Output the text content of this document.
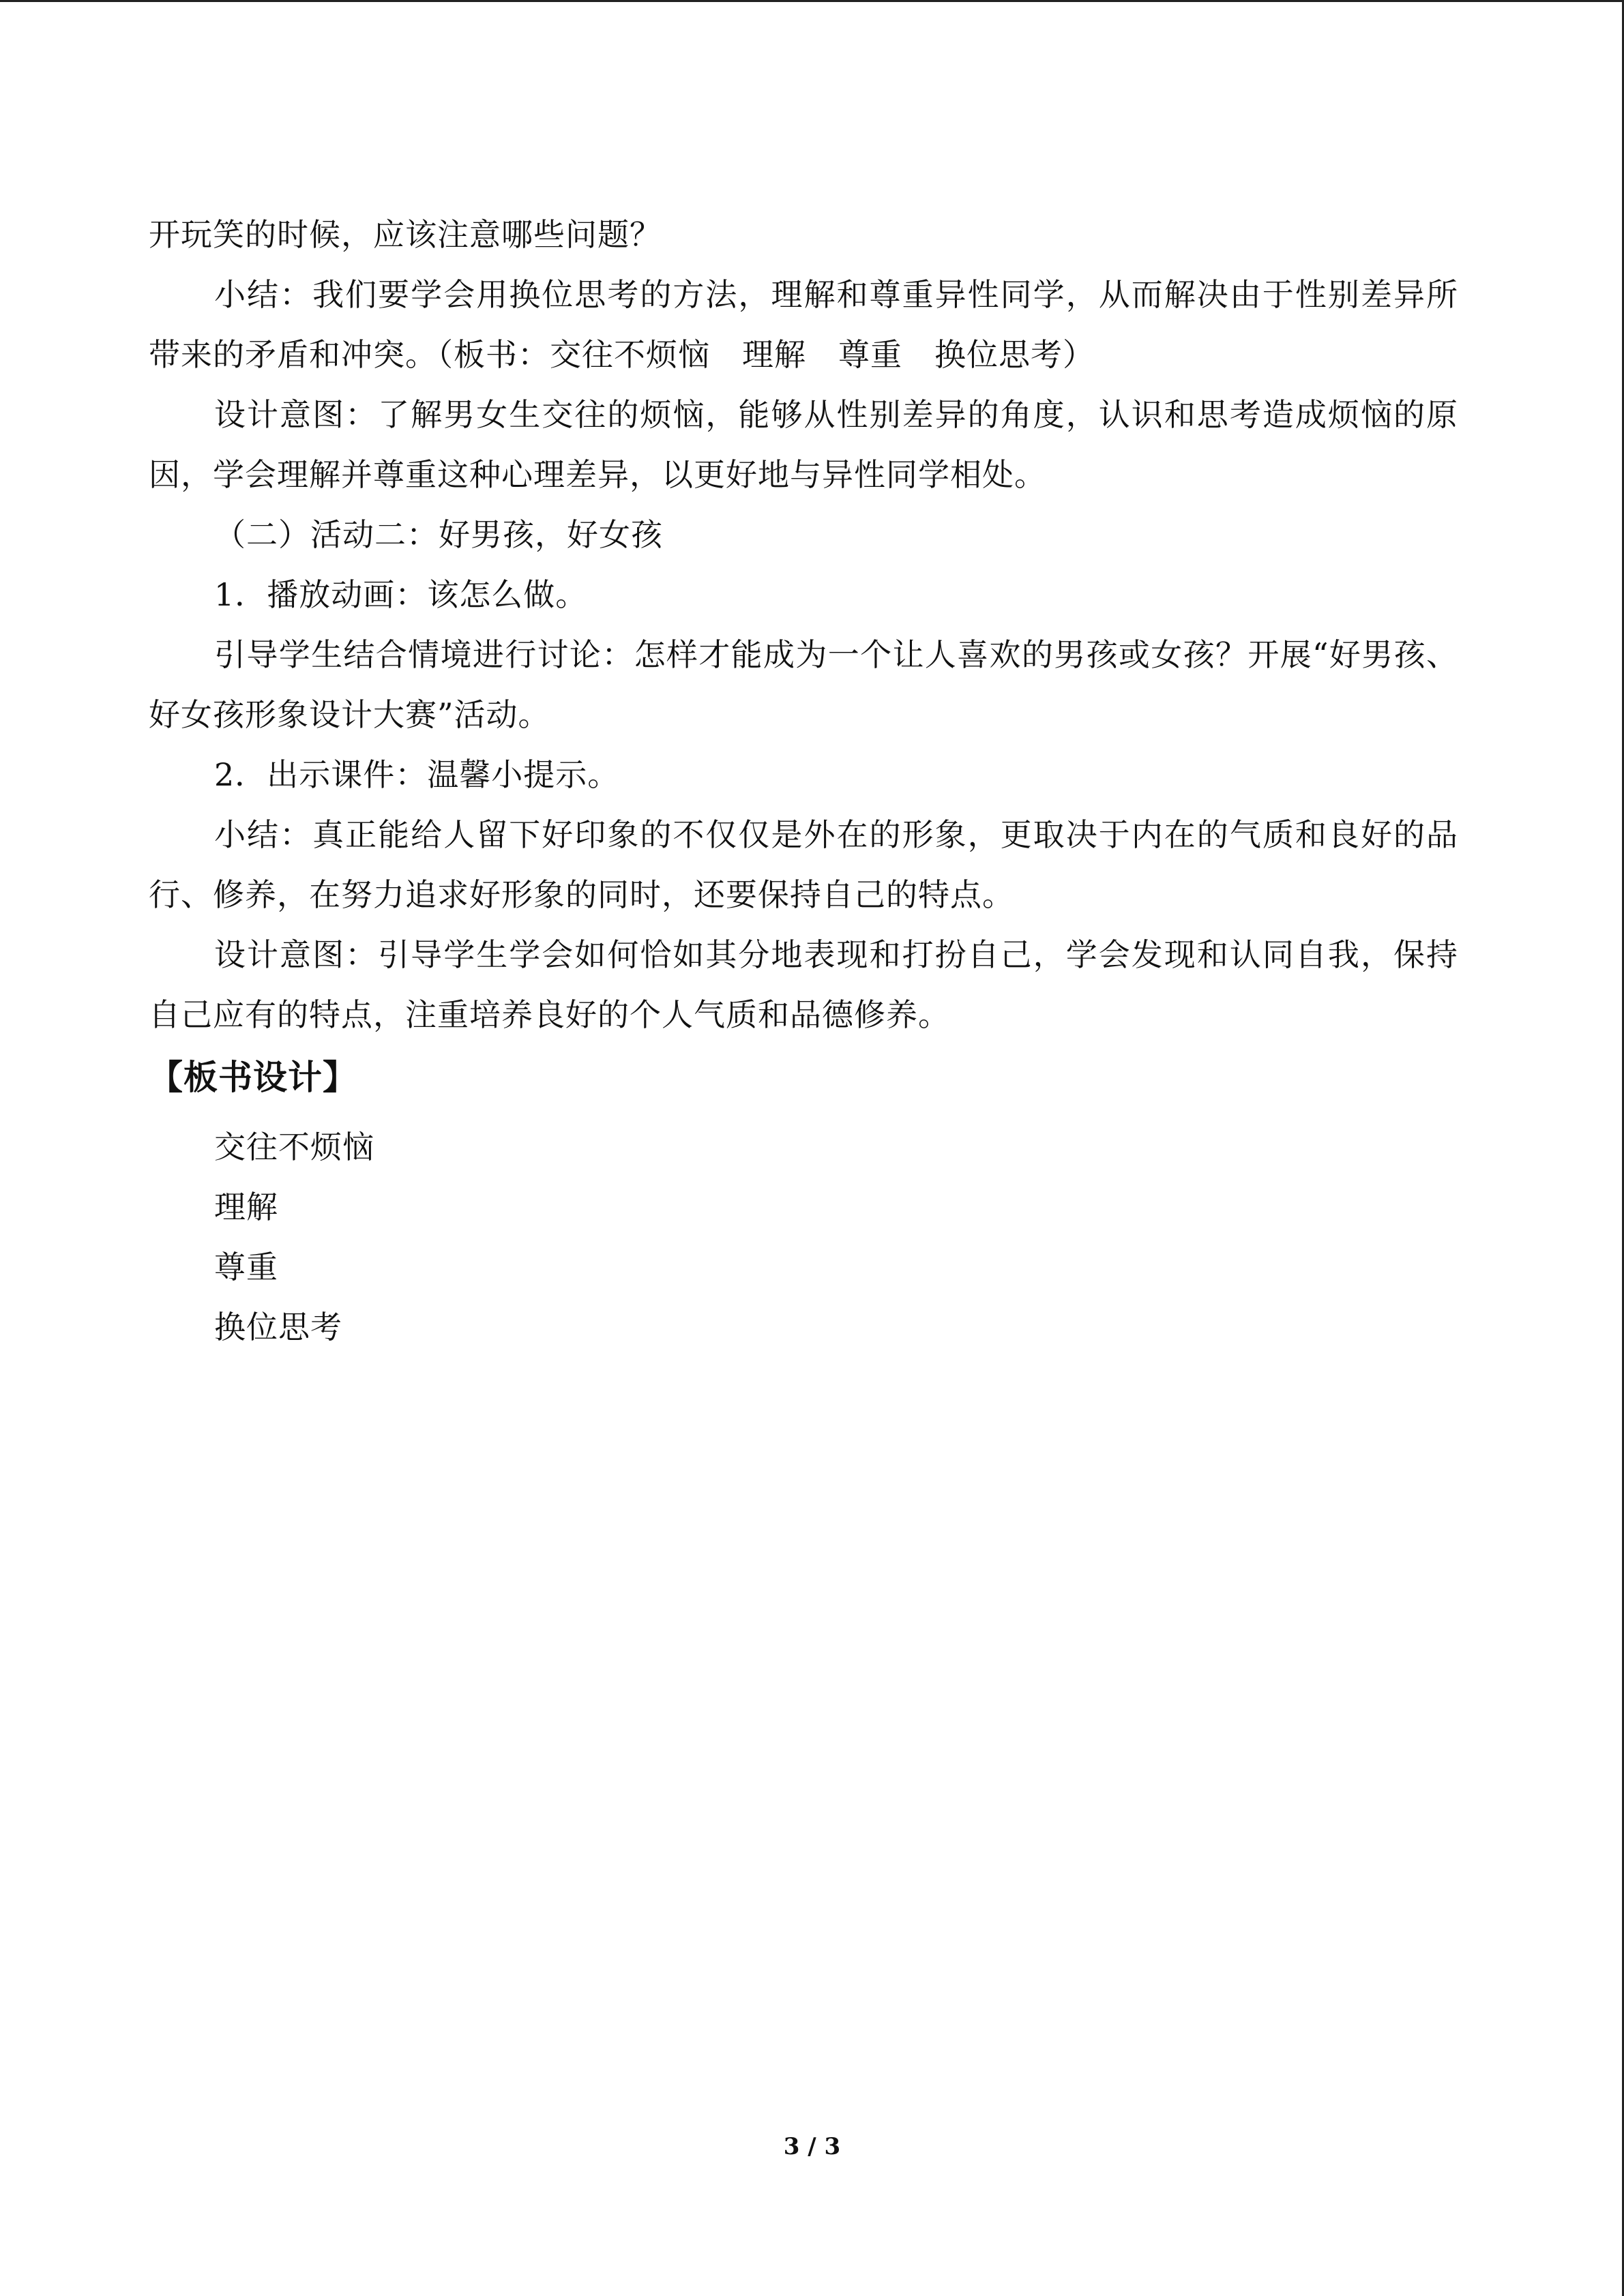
开玩笑的时候，应该注意哪些问题？

小结：我们要学会用换位思考的方法，理解和尊重异性同学，从而解决由于性别差异所带来的矛盾和冲突。（板书：交往不烦恼　理解　尊重　换位思考）

设计意图：了解男女生交往的烦恼，能够从性别差异的角度，认识和思考造成烦恼的原因，学会理解并尊重这种心理差异，以更好地与异性同学相处。

（二）活动二：好男孩，好女孩

1．播放动画：该怎么做。

引导学生结合情境进行讨论：怎样才能成为一个让人喜欢的男孩或女孩？开展“好男孩、好女孩形象设计大赛”活动。

2．出示课件：温馨小提示。

小结：真正能给人留下好印象的不仅仅是外在的形象，更取决于内在的气质和良好的品行、修养，在努力追求好形象的同时，还要保持自己的特点。

设计意图：引导学生学会如何恰如其分地表现和打扮自己，学会发现和认同自我，保持自己应有的特点，注重培养良好的个人气质和品德修养。

【板书设计】

交往不烦恼

理解

尊重

换位思考

3 / 3
